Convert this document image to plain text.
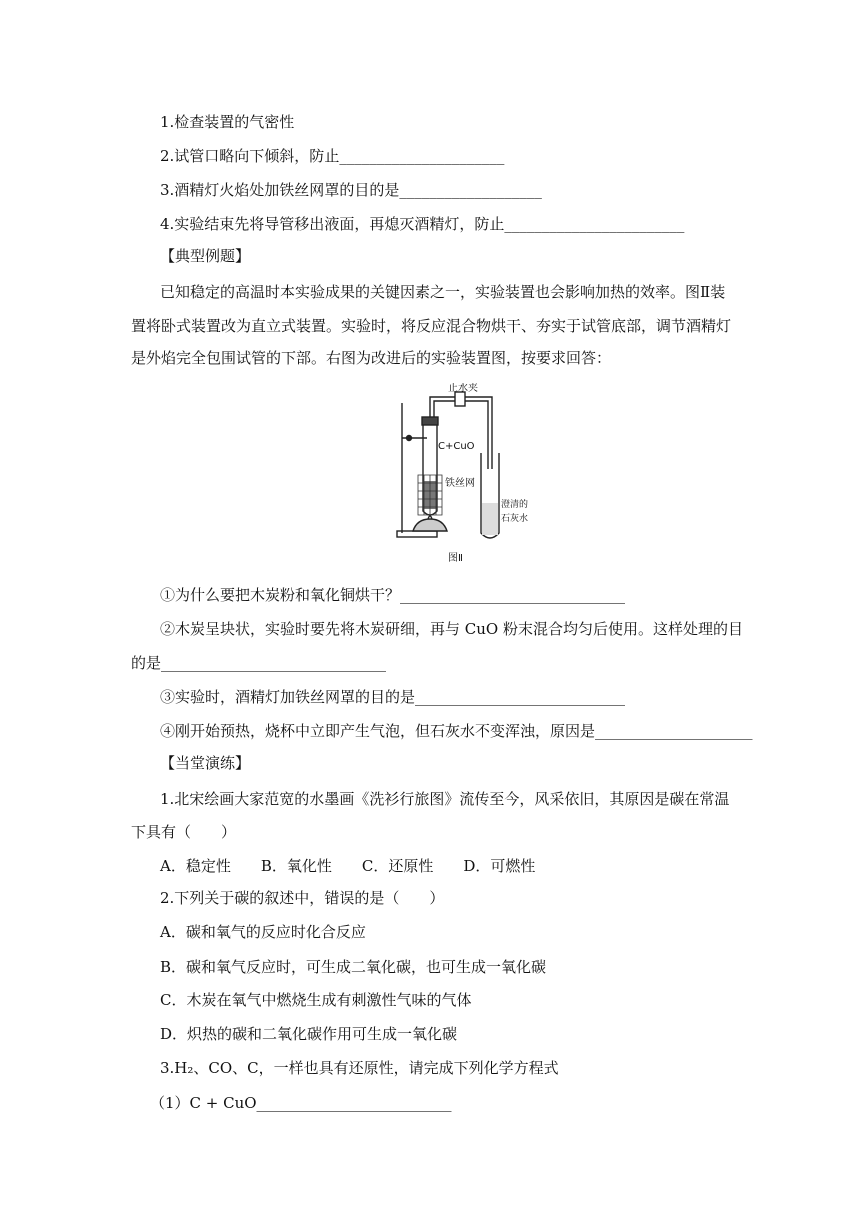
1.检查装置的气密性
2.试管口略向下倾斜，防止______________________
3.酒精灯火焰处加铁丝网罩的目的是___________________
4.实验结束先将导管移出液面，再熄灭酒精灯，防止________________________
【典型例题】
已知稳定的高温时本实验成果的关键因素之一，实验装置也会影响加热的效率。图Ⅱ装
置将卧式装置改为直立式装置。实验时，将反应混合物烘干、夯实于试管底部，调节酒精灯
是外焰完全包围试管的下部。右图为改进后的实验装置图，按要求回答：
止水夹
C+CuO
铁丝网
澄清的
石灰水
图Ⅱ
①为什么要把木炭粉和氧化铜烘干？______________________________
②木炭呈块状，实验时要先将木炭研细，再与 CuO 粉末混合均匀后使用。这样处理的目
的是______________________________
③实验时，酒精灯加铁丝网罩的目的是____________________________
④刚开始预热，烧杯中立即产生气泡，但石灰水不变浑浊，原因是_____________________
【当堂演练】
1.北宋绘画大家范宽的水墨画《洗衫行旅图》流传至今，风采依旧，其原因是碳在常温
下具有（　　）
A．稳定性　　B．氧化性　　C．还原性　　D．可燃性
2.下列关于碳的叙述中，错误的是（　　）
A．碳和氧气的反应时化合反应
B．碳和氧气反应时，可生成二氧化碳，也可生成一氧化碳
C．木炭在氧气中燃烧生成有刺激性气味的气体
D．炽热的碳和二氧化碳作用可生成一氧化碳
3.H₂、CO、C，一样也具有还原性，请完成下列化学方程式
（1）C + CuO__________________________
